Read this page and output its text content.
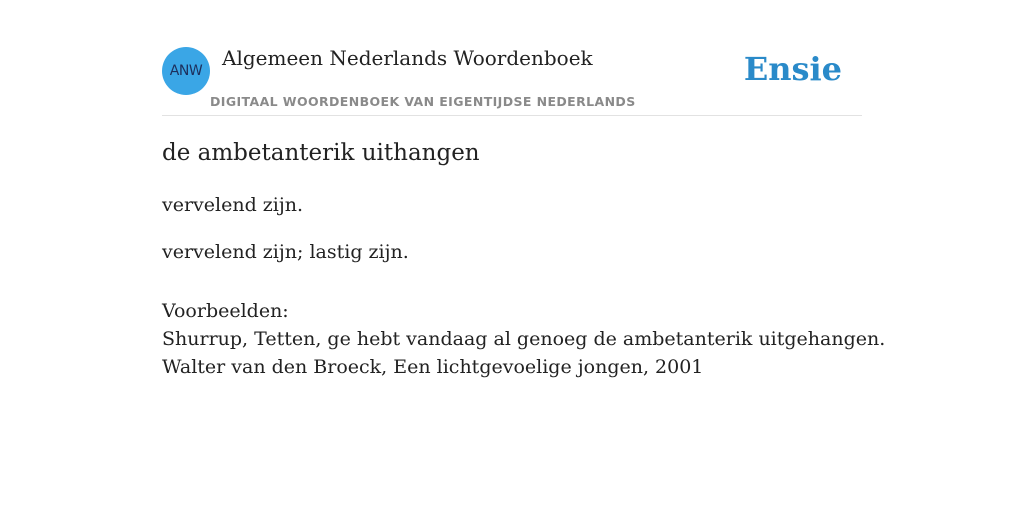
ANW
Algemeen Nederlands Woordenboek
DIGITAAL WOORDENBOEK VAN EIGENTIJDSE NEDERLANDS
Ensie
de ambetanterik uithangen

vervelend zijn.

vervelend zijn; lastig zijn.

Voorbeelden:
Shurrup, Tetten, ge hebt vandaag al genoeg de ambetanterik uitgehangen.
Walter van den Broeck, Een lichtgevoelige jongen, 2001
